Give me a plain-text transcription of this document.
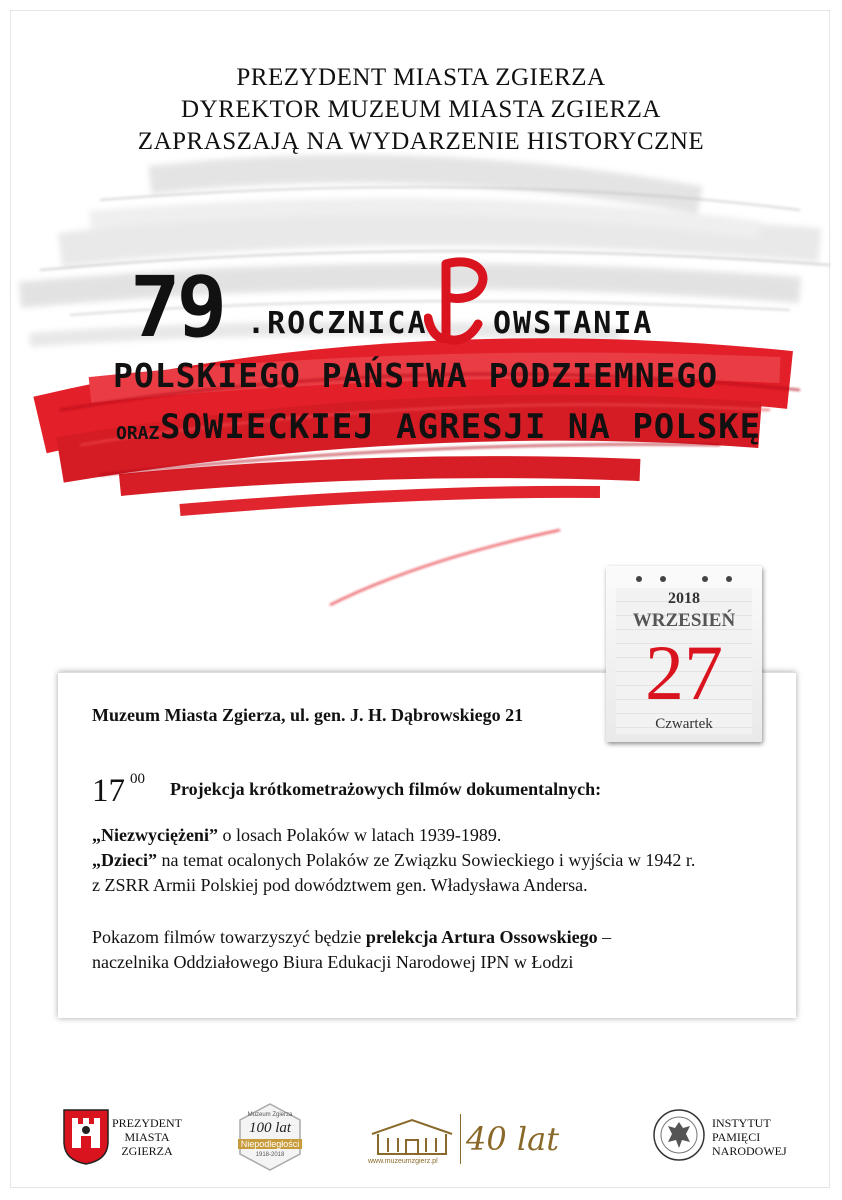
PREZYDENT MIASTA ZGIERZA
DYREKTOR MUZEUM MIASTA ZGIERZA
ZAPRASZAJĄ NA WYDARZENIE HISTORYCZNE
79 .ROCZNICA OWSTANIA
POLSKIEGO PAŃSTWA PODZIEMNEGO
ORAZ SOWIECKIEJ AGRESJI NA POLSKĘ
2018
WRZESIEŃ
27
Czwartek
Muzeum Miasta Zgierza, ul. gen. J. H. Dąbrowskiego 21
17 00 Projekcja krótkometrażowych filmów dokumentalnych:
„Niezwyciężeni” o losach Polaków w latach 1939-1989.
„Dzieci” na temat ocalonych Polaków ze Związku Sowieckiego i wyjścia w 1942 r.
z ZSRR Armii Polskiej pod dowództwem gen. Władysława Andersa.
Pokazom filmów towarzyszyć będzie prelekcja Artura Ossowskiego –
naczelnika Oddziałowego Biura Edukacji Narodowej IPN w Łodzi
PREZYDENT
MIASTA
ZGIERZA
Muzeum Zgierza
100 lat
Niepodległości
1918-2018
www.muzeumzgierz.pl
40 lat	INSTYTUT
PAMIĘCI
NARODOWEJ
